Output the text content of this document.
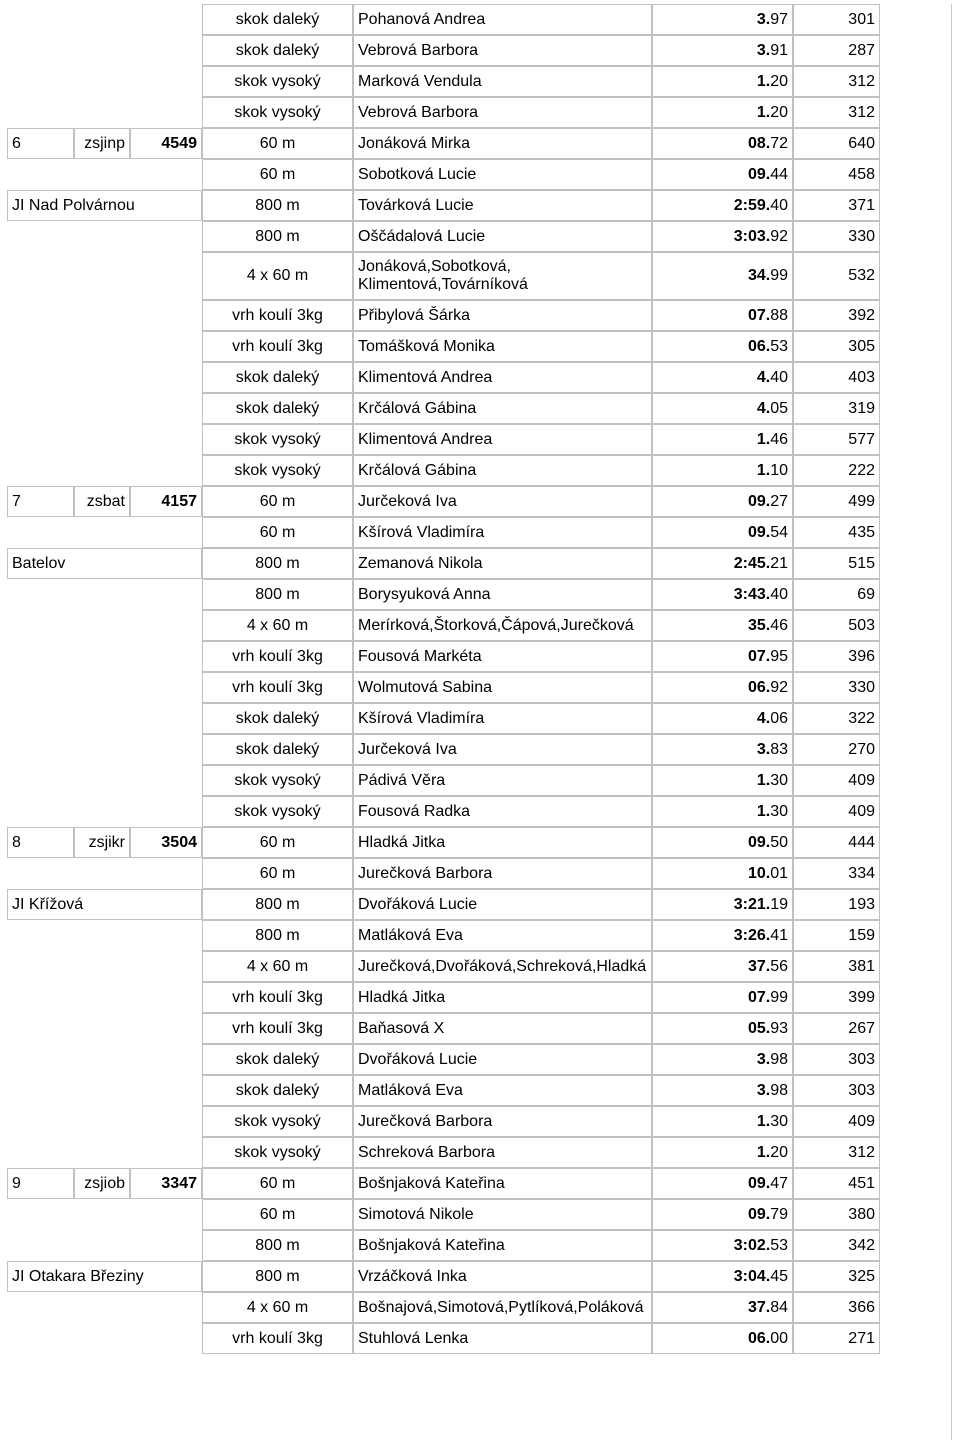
			skok daleký	Pohanová Andrea	3.97	301
			skok daleký	Vebrová Barbora	3.91	287
			skok vysoký	Marková Vendula	1.20	312
			skok vysoký	Vebrová Barbora	1.20	312
6	zsjinp	4549	60 m	Jonáková Mirka	08.72	640
			60 m	Sobotková Lucie	09.44	458
JI Nad Polvárnou			800 m	Továrková Lucie	2:59.40	371
			800 m	Oščádalová Lucie	3:03.92	330
			4 x 60 m	Jonáková,Sobotková, Klimentová,Továrníková	34.99	532
			vrh koulí 3kg	Přibylová Šárka	07.88	392
			vrh koulí 3kg	Tomášková Monika	06.53	305
			skok daleký	Klimentová Andrea	4.40	403
			skok daleký	Krčálová Gábina	4.05	319
			skok vysoký	Klimentová Andrea	1.46	577
			skok vysoký	Krčálová Gábina	1.10	222
7	zsbat	4157	60 m	Jurčeková Iva	09.27	499
			60 m	Kšírová Vladimíra	09.54	435
Batelov			800 m	Zemanová Nikola	2:45.21	515
			800 m	Borysyuková Anna	3:43.40	69
			4 x 60 m	Merírková,Štorková,Čápová,Jurečková	35.46	503
			vrh koulí 3kg	Fousová Markéta	07.95	396
			vrh koulí 3kg	Wolmutová Sabina	06.92	330
			skok daleký	Kšírová Vladimíra	4.06	322
			skok daleký	Jurčeková Iva	3.83	270
			skok vysoký	Pádivá Věra	1.30	409
			skok vysoký	Fousová Radka	1.30	409
8	zsjikr	3504	60 m	Hladká Jitka	09.50	444
			60 m	Jurečková Barbora	10.01	334
JI Křížová			800 m	Dvořáková Lucie	3:21.19	193
			800 m	Matláková Eva	3:26.41	159
			4 x 60 m	Jurečková,Dvořáková,Schreková,Hladká	37.56	381
			vrh koulí 3kg	Hladká Jitka	07.99	399
			vrh koulí 3kg	Baňasová X	05.93	267
			skok daleký	Dvořáková Lucie	3.98	303
			skok daleký	Matláková Eva	3.98	303
			skok vysoký	Jurečková Barbora	1.30	409
			skok vysoký	Schreková Barbora	1.20	312
9	zsjiob	3347	60 m	Bošnjaková Kateřina	09.47	451
			60 m	Simotová Nikole	09.79	380
			800 m	Bošnjaková Kateřina	3:02.53	342
JI Otakara Březiny			800 m	Vrzáčková Inka	3:04.45	325
			4 x 60 m	Bošnajová,Simotová,Pytlíková,Poláková	37.84	366
			vrh koulí 3kg	Stuhlová Lenka	06.00	271
